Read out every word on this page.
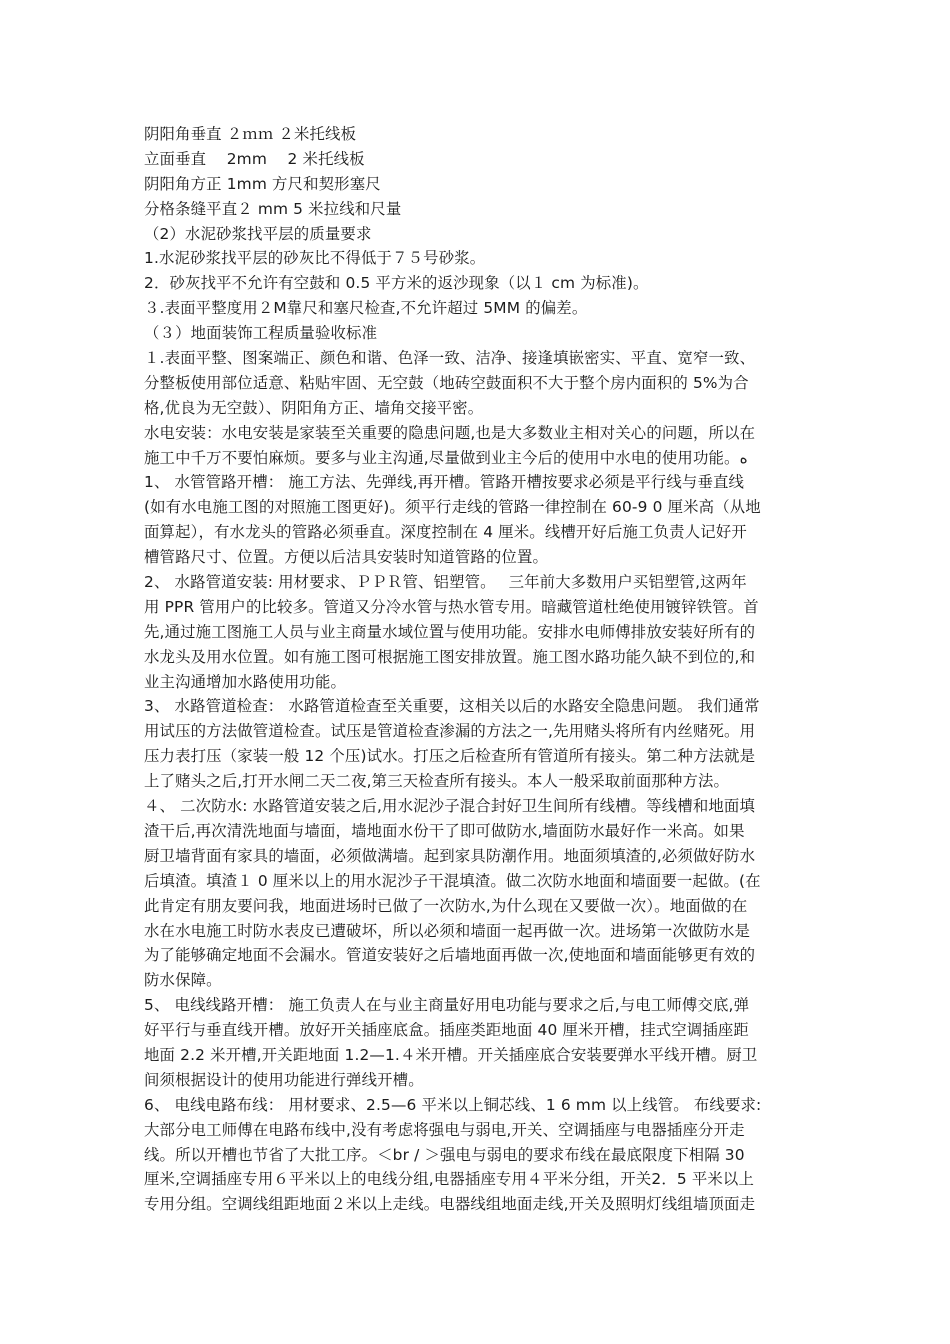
阴阳角垂直 ２ｍｍ ２米托线板
立面垂直　 2mm　 2 米托线板
阴阳角方正 1mm 方尺和契形塞尺
分格条缝平直２ mm 5 米拉线和尺量
（2）水泥砂浆找平层的质量要求
1.水泥砂浆找平层的砂灰比不得低于７５号砂浆。
2．砂灰找平不允许有空鼓和 0.5 平方米的返沙现象（以１ cm 为标准)。
３.表面平整度用２M靠尺和塞尺检查,不允许超过 5MM 的偏差。
（３）地面装饰工程质量验收标准
１.表面平整、图案端正、颜色和谐、色泽一致、洁净、接逢填嵌密实、平直、宽窄一致、
分整板使用部位适意、粘贴牢固、无空鼓（地砖空鼓面积不大于整个房内面积的 5%为合
格,优良为无空鼓）、阴阳角方正、墙角交接平密。
水电安装：水电安装是家装至关重要的隐患问题,也是大多数业主相对关心的问题，所以在
施工中千万不要怕麻烦。要多与业主沟通,尽量做到业主今后的使用中水电的使用功能。ﻩ
1、 水管管路开槽： 施工方法、先弹线,再开槽。管路开槽按要求必须是平行线与垂直线
(如有水电施工图的对照施工图更好)。须平行走线的管路一律控制在 60-9 0 厘米高（从地
面算起），有水龙头的管路必须垂直。深度控制在 4 厘米。线槽开好后施工负责人记好开
槽管路尺寸、位置。方便以后洁具安装时知道管路的位置。
2、 水路管道安装: 用材要求、ＰＰＲ管、铝塑管。　 三年前大多数用户买铝塑管,这两年
用 PPR 管用户的比较多。管道又分冷水管与热水管专用。暗藏管道杜绝使用镀锌铁管。首
先,通过施工图施工人员与业主商量水域位置与使用功能。安排水电师傅排放安装好所有的
水龙头及用水位置。如有施工图可根据施工图安排放置。施工图水路功能久缺不到位的,和
业主沟通增加水路使用功能。
3、 水路管道检查： 水路管道检查至关重要，这相关以后的水路安全隐患问题。 我们通常
用试压的方法做管道检查。试压是管道检查渗漏的方法之一,先用赌头将所有内丝赌死。用
压力表打压（家装一般 12 个压)试水。打压之后检查所有管道所有接头。第二种方法就是
上了赌头之后,打开水闸二天二夜,第三天检查所有接头。本人一般采取前面那种方法。
４、 二次防水: 水路管道安装之后,用水泥沙子混合封好卫生间所有线槽。等线槽和地面填
渣干后,再次清洗地面与墙面，墙地面水份干了即可做防水,墙面防水最好作一米高。如果
厨卫墙背面有家具的墙面，必须做满墙。起到家具防潮作用。地面须填渣的,必须做好防水
后填渣。填渣１ 0 厘米以上的用水泥沙子干混填渣。做二次防水地面和墙面要一起做。(在
此肯定有朋友要问我，地面进场时已做了一次防水,为什么现在又要做一次）。地面做的在
水在水电施工时防水表皮已遭破坏，所以必须和墙面一起再做一次。进场第一次做防水是
为了能够确定地面不会漏水。管道安装好之后墙地面再做一次,使地面和墙面能够更有效的
防水保障。
5、 电线线路开槽： 施工负责人在与业主商量好用电功能与要求之后,与电工师傅交底,弹
好平行与垂直线开槽。放好开关插座底盒。插座类距地面 40 厘米开槽，挂式空调插座距
地面 2.2 米开槽,开关距地面 1.2—1.４米开槽。开关插座底合安装要弹水平线开槽。厨卫
间须根据设计的使用功能进行弹线开槽。
6、 电线电路布线： 用材要求、2.5—6 平米以上铜芯线、1 6 mm 以上线管。 布线要求:
大部分电工师傅在电路布线中,没有考虑将强电与弱电,开关、空调插座与电器插座分开走
线。所以开槽也节省了大批工序。＜br / ＞强电与弱电的要求布线在最底限度下相隔 30
厘米,空调插座专用６平米以上的电线分组,电器插座专用４平米分组，开关2．5 平米以上
专用分组。空调线组距地面２米以上走线。电器线组地面走线,开关及照明灯线组墙顶面走
